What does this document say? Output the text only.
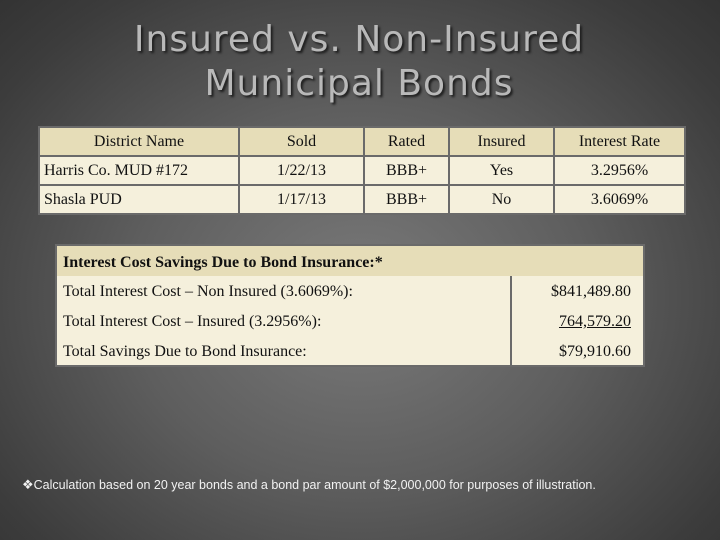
Insured vs. Non-Insured
Municipal Bonds
District Name	Sold	Rated	Insured	Interest Rate
Harris Co. MUD #172	1/22/13	BBB+	Yes	3.2956%
Shasla PUD	1/17/13	BBB+	No	3.6069%
Interest Cost Savings Due to Bond Insurance:*
Total Interest Cost – Non Insured (3.6069%):	$841,489.80
Total Interest Cost – Insured (3.2956%):	764,579.20
Total Savings Due to Bond Insurance:	$79,910.60
❖Calculation based on 20 year bonds and a bond par amount of $2,000,000 for purposes of illustration.
